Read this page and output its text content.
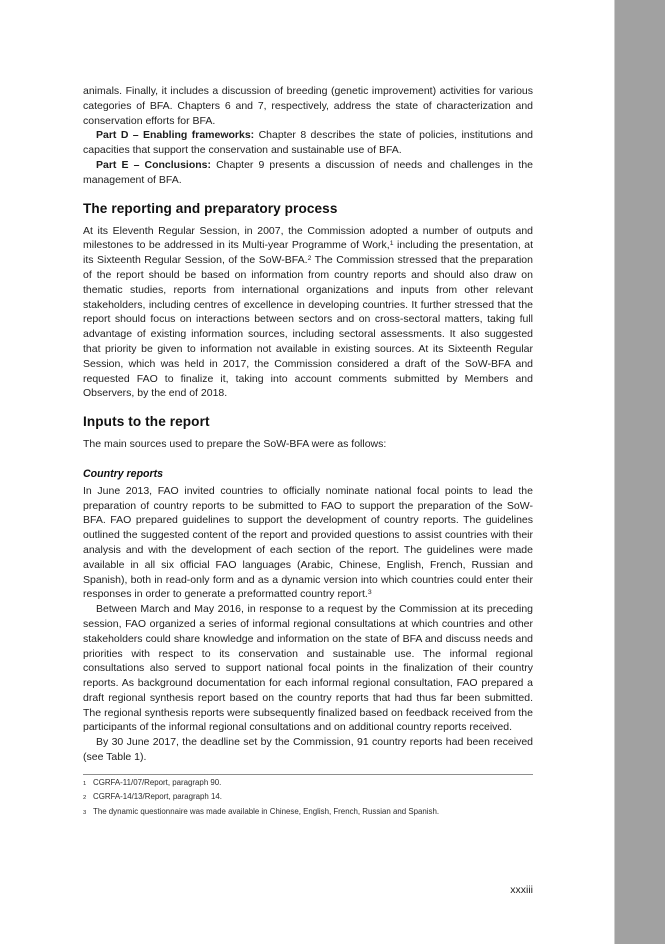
animals. Finally, it includes a discussion of breeding (genetic improvement) activities for various categories of BFA. Chapters 6 and 7, respectively, address the state of characterization and conservation efforts for BFA.

Part D – Enabling frameworks: Chapter 8 describes the state of policies, institutions and capacities that support the conservation and sustainable use of BFA.

Part E – Conclusions: Chapter 9 presents a discussion of needs and challenges in the management of BFA.

The reporting and preparatory process

At its Eleventh Regular Session, in 2007, the Commission adopted a number of outputs and milestones to be addressed in its Multi-year Programme of Work,$^1$ including the presentation, at its Sixteenth Regular Session, of the SoW-BFA.$^2$ The Commission stressed that the preparation of the report should be based on information from country reports and should also draw on thematic studies, reports from international organizations and inputs from other relevant stakeholders, including centres of excellence in developing countries. It further stressed that the report should focus on interactions between sectors and on cross-sectoral matters, taking full advantage of existing information sources, including sectoral assessments. It also suggested that priority be given to information not available in existing sources. At its Sixteenth Regular Session, which was held in 2017, the Commission considered a draft of the SoW-BFA and requested FAO to finalize it, taking into account comments submitted by Members and Observers, by the end of 2018.

Inputs to the report

The main sources used to prepare the SoW-BFA were as follows:

Country reports

In June 2013, FAO invited countries to officially nominate national focal points to lead the preparation of country reports to be submitted to FAO to support the preparation of the SoW-BFA. FAO prepared guidelines to support the development of country reports. The guidelines outlined the suggested content of the report and provided questions to assist countries with their analysis and with the development of each section of the report. The guidelines were made available in all six official FAO languages (Arabic, Chinese, English, French, Russian and Spanish), both in read-only form and as a dynamic version into which countries could enter their responses in order to generate a preformatted country report.$^3$

Between March and May 2016, in response to a request by the Commission at its preceding session, FAO organized a series of informal regional consultations at which countries and other stakeholders could share knowledge and information on the state of BFA and discuss needs and priorities with respect to its conservation and sustainable use. The informal regional consultations also served to support national focal points in the finalization of their country reports. As background documentation for each informal regional consultation, FAO prepared a draft regional synthesis report based on the country reports that had thus far been submitted. The regional synthesis reports were subsequently finalized based on feedback received from the participants of the informal regional consultations and on additional country reports received.

By 30 June 2017, the deadline set by the Commission, 91 country reports had been received (see Table 1).

1 CGRFA-11/07/Report, paragraph 90.
2 CGRFA-14/13/Report, paragraph 14.
3 The dynamic questionnaire was made available in Chinese, English, French, Russian and Spanish.
xxxiii
